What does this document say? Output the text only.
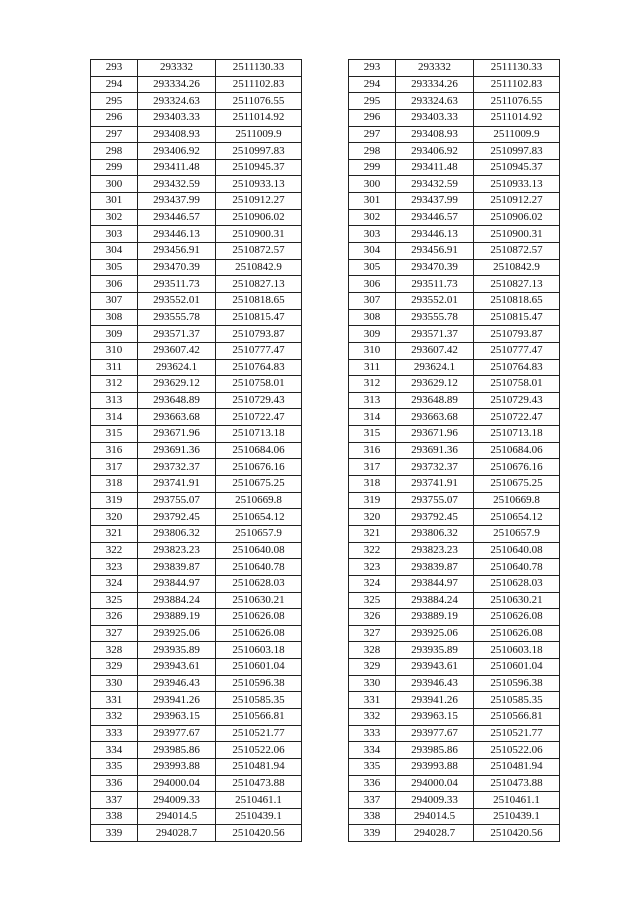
293	293332	2511130.33
294	293334.26	2511102.83
295	293324.63	2511076.55
296	293403.33	2511014.92
297	293408.93	2511009.9
298	293406.92	2510997.83
299	293411.48	2510945.37
300	293432.59	2510933.13
301	293437.99	2510912.27
302	293446.57	2510906.02
303	293446.13	2510900.31
304	293456.91	2510872.57
305	293470.39	2510842.9
306	293511.73	2510827.13
307	293552.01	2510818.65
308	293555.78	2510815.47
309	293571.37	2510793.87
310	293607.42	2510777.47
311	293624.1	2510764.83
312	293629.12	2510758.01
313	293648.89	2510729.43
314	293663.68	2510722.47
315	293671.96	2510713.18
316	293691.36	2510684.06
317	293732.37	2510676.16
318	293741.91	2510675.25
319	293755.07	2510669.8
320	293792.45	2510654.12
321	293806.32	2510657.9
322	293823.23	2510640.08
323	293839.87	2510640.78
324	293844.97	2510628.03
325	293884.24	2510630.21
326	293889.19	2510626.08
327	293925.06	2510626.08
328	293935.89	2510603.18
329	293943.61	2510601.04
330	293946.43	2510596.38
331	293941.26	2510585.35
332	293963.15	2510566.81
333	293977.67	2510521.77
334	293985.86	2510522.06
335	293993.88	2510481.94
336	294000.04	2510473.88
337	294009.33	2510461.1
338	294014.5	2510439.1
339	294028.7	2510420.56
293	293332	2511130.33
294	293334.26	2511102.83
295	293324.63	2511076.55
296	293403.33	2511014.92
297	293408.93	2511009.9
298	293406.92	2510997.83
299	293411.48	2510945.37
300	293432.59	2510933.13
301	293437.99	2510912.27
302	293446.57	2510906.02
303	293446.13	2510900.31
304	293456.91	2510872.57
305	293470.39	2510842.9
306	293511.73	2510827.13
307	293552.01	2510818.65
308	293555.78	2510815.47
309	293571.37	2510793.87
310	293607.42	2510777.47
311	293624.1	2510764.83
312	293629.12	2510758.01
313	293648.89	2510729.43
314	293663.68	2510722.47
315	293671.96	2510713.18
316	293691.36	2510684.06
317	293732.37	2510676.16
318	293741.91	2510675.25
319	293755.07	2510669.8
320	293792.45	2510654.12
321	293806.32	2510657.9
322	293823.23	2510640.08
323	293839.87	2510640.78
324	293844.97	2510628.03
325	293884.24	2510630.21
326	293889.19	2510626.08
327	293925.06	2510626.08
328	293935.89	2510603.18
329	293943.61	2510601.04
330	293946.43	2510596.38
331	293941.26	2510585.35
332	293963.15	2510566.81
333	293977.67	2510521.77
334	293985.86	2510522.06
335	293993.88	2510481.94
336	294000.04	2510473.88
337	294009.33	2510461.1
338	294014.5	2510439.1
339	294028.7	2510420.56
